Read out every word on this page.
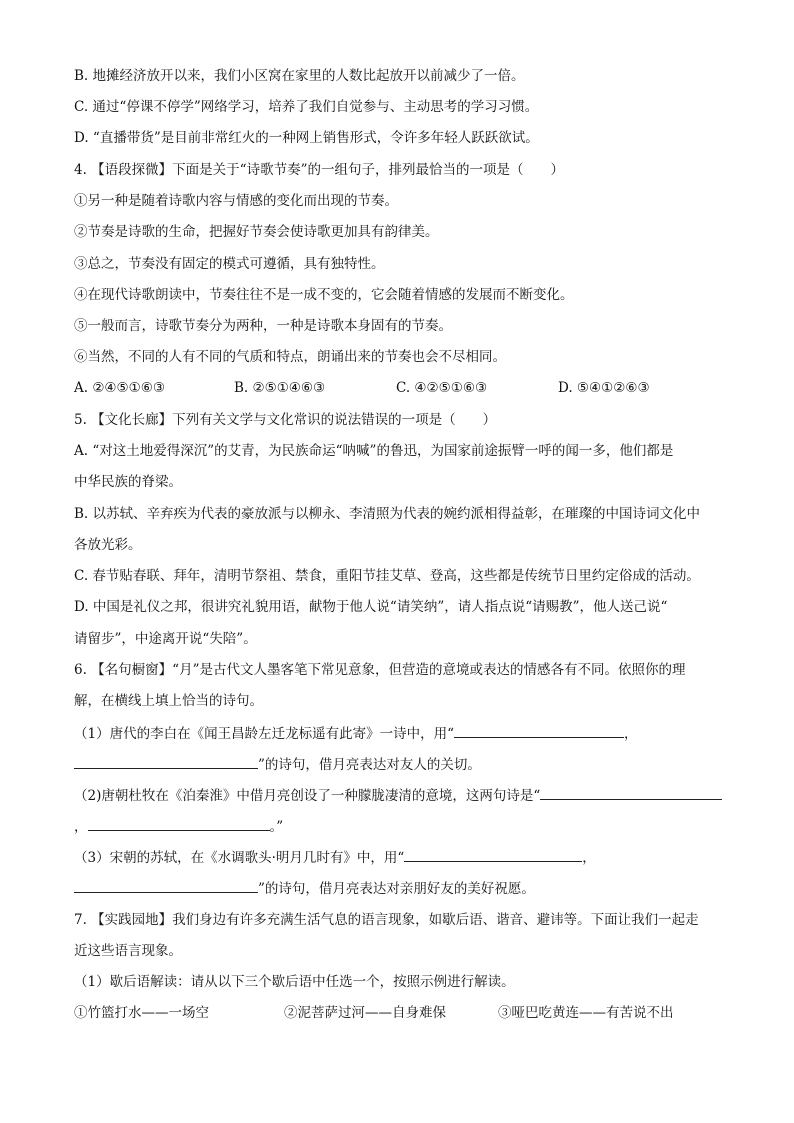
B. 地摊经济放开以来，我们小区窝在家里的人数比起放开以前减少了一倍。
C. 通过“停课不停学”网络学习，培养了我们自觉参与、主动思考的学习习惯。
D. “直播带货”是目前非常红火的一种网上销售形式，令许多年轻人跃跃欲试。
4. 【语段探微】下面是关于“诗歌节奏”的一组句子，排列最恰当的一项是（　　）
①另一种是随着诗歌内容与情感的变化而出现的节奏。
②节奏是诗歌的生命，把握好节奏会使诗歌更加具有韵律美。
③总之，节奏没有固定的模式可遵循，具有独特性。
④在现代诗歌朗读中，节奏往往不是一成不变的，它会随着情感的发展而不断变化。
⑤一般而言，诗歌节奏分为两种，一种是诗歌本身固有的节奏。
⑥当然，不同的人有不同的气质和特点，朗诵出来的节奏也会不尽相同。
A. ②④⑤①⑥③	B. ②⑤①④⑥③	C. ④②⑤①⑥③	D. ⑤④①②⑥③
5. 【文化长廊】下列有关文学与文化常识的说法错误的一项是（　　）
A. “对这土地爱得深沉”的艾青，为民族命运“呐喊”的鲁迅，为国家前途振臂一呼的闻一多，他们都是
中华民族的脊梁。
B. 以苏轼、辛弃疾为代表的豪放派与以柳永、李清照为代表的婉约派相得益彰，在璀璨的中国诗词文化中
各放光彩。
C. 春节贴春联、拜年，清明节祭祖、禁食，重阳节挂艾草、登高，这些都是传统节日里约定俗成的活动。
D. 中国是礼仪之邦，很讲究礼貌用语，献物于他人说“请笑纳”，请人指点说“请赐教”，他人送己说“
请留步”，中途离开说“失陪”。
6. 【名句橱窗】“月”是古代文人墨客笔下常见意象，但营造的意境或表达的情感各有不同。依照你的理
解，在横线上填上恰当的诗句。
（1）唐代的李白在《闻王昌龄左迁龙标遥有此寄》一诗中，用“	，
”的诗句，借月亮表达对友人的关切。
（2)唐朝杜牧在《泊秦淮》中借月亮创设了一种朦胧凄清的意境，这两句诗是“
，	。”
（3）宋朝的苏轼，在《水调歌头·明月几时有》中，用“	，
”的诗句，借月亮表达对亲朋好友的美好祝愿。
7. 【实践园地】我们身边有许多充满生活气息的语言现象，如歇后语、谐音、避讳等。下面让我们一起走
近这些语言现象。
（1）歇后语解读：请从以下三个歇后语中任选一个，按照示例进行解读。
①竹篮打水——一场空	②泥菩萨过河——自身难保	③哑巴吃黄连——有苦说不出
